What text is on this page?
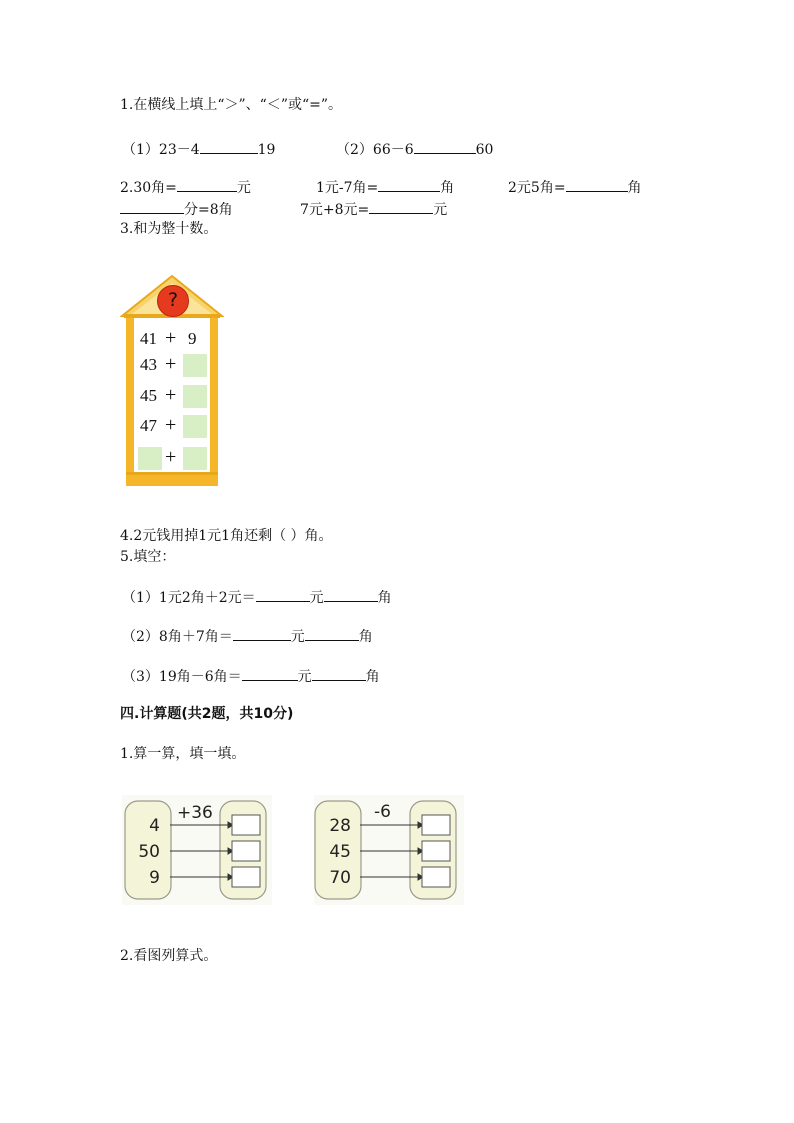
1.在横线上填上“＞”、“＜”或“=”。
（1）23－4	19	（2）66－6	60
2.30角=	元	1元-7角=	角	2元5角=	角
分=8角	7元+8元=	元
3.和为整十数。
?
41 + 9
43 +
45 +
47 +
+
4.2元钱用掉1元1角还剩（ ）角。
5.填空：
（1）1元2角＋2元＝	元	角
（2）8角＋7角＝	元	角
（3）19角－6角＝	元	角
四.计算题(共2题，共10分)
1.算一算，填一填。
+36
4
50
9
-6
28
45
70
2.看图列算式。
